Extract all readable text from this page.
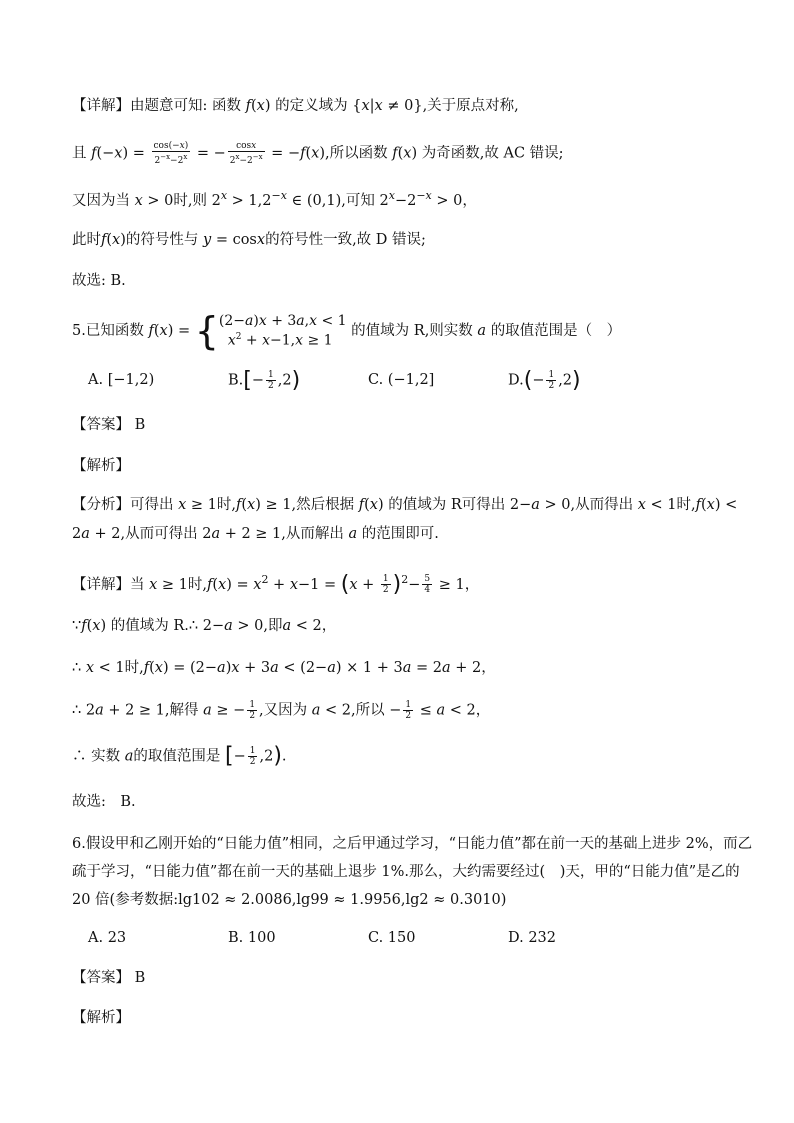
【详解】由题意可知: 函数 f(x) 的定义域为 {x|x ≠ 0},关于原点对称,
且 $f(-x) = \frac{\cos(-x)}{2^{-x}-2^x}$ = − $\frac{\cos x}{2^x-2^{-x}} = -f(x)$,所以函数 f(x) 为奇函数,故 AC 错误;
又因为当 x > 0时,则 $2^x > 1,2^{-x}$ ∈ (0,1),可知 $2^x-2^{-x} > 0$，
此时f(x)的符号性与 y = cosx的符号性一致,故 D 错误;
故选: B.
5.已知函数 f(x) = { (2−a)x + 3a,x < 1
$x^2 + x-1,x \ge 1$
的值域为 R,则实数 a 的取值范围是（　）
A. [−1,2)	$B.[- \frac{1}{2} ,2)$	C. (−1,2]	$D.(- \frac{1}{2} ,2)$
【答案】 B
【解析】
【分析】可得出 x ≥ 1时,f(x) ≥ 1,然后根据 f(x) 的值域为 R可得出 2−a > 0,从而得出 x < 1时,f(x) <
2a + 2,从而可得出 2a + 2 ≥ 1,从而解出 a 的范围即可.
【详解】当 x ≥ 1时$,f(x) = x^2 + x-1 = (x + \frac{1}{2} )^2- \frac{5}{4} \ge 1$，
∵f(x) 的值域为 R.∴ 2−a > 0,即a < 2，
∴ x < 1时,f(x) = (2−a)x + 3a < (2−a) × 1 + 3a = 2a + 2，
∴ 2a + 2 ≥ 1,解得 a ≥ − $\frac{1}{2}$ ,又因为 a < 2,所以 − $\frac{1}{2} \le a < 2$，
∴ 实数 a的取值范围是 [− $\frac{1}{2} ,2$).
故选:　B.
6.假设甲和乙刚开始的“日能力值”相同，之后甲通过学习，“日能力值”都在前一天的基础上进步 2%，而乙
疏于学习，“日能力值”都在前一天的基础上退步 1%.那么，大约需要经过(　)天，甲的“日能力值”是乙的
20 倍(参考数据:lg102 ≈ 2.0086,lg99 ≈ 1.9956,lg2 ≈ 0.3010)
A. 23	B. 100	C. 150	D. 232
【答案】 B
【解析】
